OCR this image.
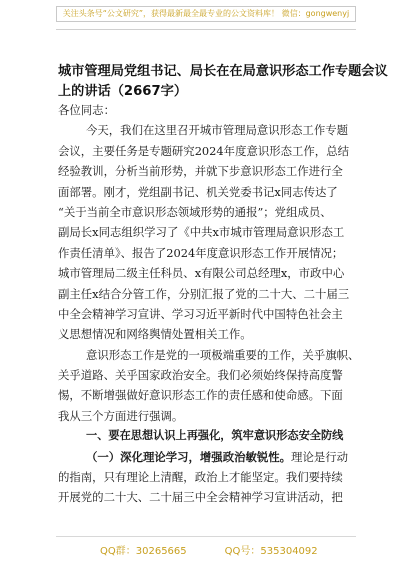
关注头条号“公文研究”，获得最新最全最专业的公文资料库！ 微信：gongwenyj
城市管理局党组书记、局长在在局意识形态工作专题会议
上的讲话（2667字）
各位同志：
今天，我们在这里召开城市管理局意识形态工作专题
会议，主要任务是专题研究2024年度意识形态工作，总结
经验教训，分析当前形势，并就下步意识形态工作进行全
面部署。刚才，党组副书记、机关党委书记x同志传达了
“关于当前全市意识形态领域形势的通报”；党组成员、
副局长x同志组织学习了《中共x市城市管理局意识形态工
作责任清单》、报告了2024年度意识形态工作开展情况；
城市管理局二级主任科员、x有限公司总经理x，市政中心
副主任x结合分管工作，分别汇报了党的二十大、二十届三
中全会精神学习宣讲、学习习近平新时代中国特色社会主
义思想情况和网络舆情处置相关工作。
意识形态工作是党的一项极端重要的工作，关乎旗帜、
关乎道路、关乎国家政治安全。我们必须始终保持高度警
惕，不断增强做好意识形态工作的责任感和使命感。下面
我从三个方面进行强调。
一、要在思想认识上再强化，筑牢意识形态安全防线
（一）深化理论学习，增强政治敏锐性。理论是行动
的指南，只有理论上清醒，政治上才能坚定。我们要持续
开展党的二十大、二十届三中全会精神学习宣讲活动，把
QQ群：30265665	QQ号：535304092
